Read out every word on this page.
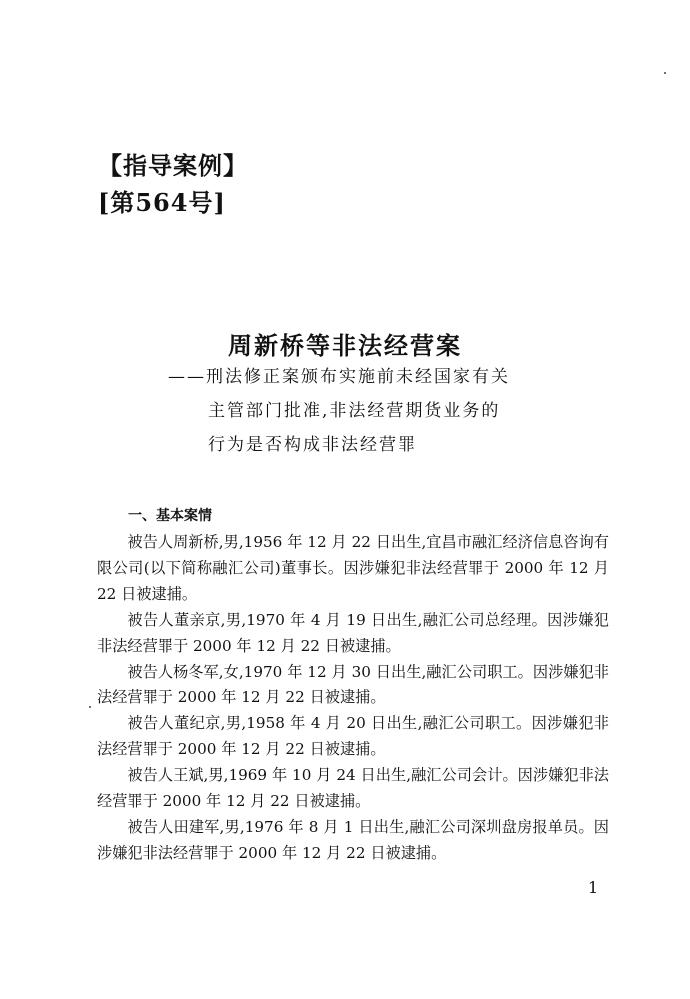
【指导案例】
[第564号]
周新桥等非法经营案
——刑法修正案颁布实施前未经国家有关
主管部门批准,非法经营期货业务的
行为是否构成非法经营罪
一、基本案情

被告人周新桥,男,1956 年 12 月 22 日出生,宜昌市融汇经济信息咨询有限公司(以下简称融汇公司)董事长。因涉嫌犯非法经营罪于 2000 年 12 月 22 日被逮捕。

被告人董亲京,男,1970 年 4 月 19 日出生,融汇公司总经理。因涉嫌犯非法经营罪于 2000 年 12 月 22 日被逮捕。

被告人杨冬军,女,1970 年 12 月 30 日出生,融汇公司职工。因涉嫌犯非法经营罪于 2000 年 12 月 22 日被逮捕。

被告人董纪京,男,1958 年 4 月 20 日出生,融汇公司职工。因涉嫌犯非法经营罪于 2000 年 12 月 22 日被逮捕。

被告人王斌,男,1969 年 10 月 24 日出生,融汇公司会计。因涉嫌犯非法经营罪于 2000 年 12 月 22 日被逮捕。

被告人田建军,男,1976 年 8 月 1 日出生,融汇公司深圳盘房报单员。因涉嫌犯非法经营罪于 2000 年 12 月 22 日被逮捕。

1
